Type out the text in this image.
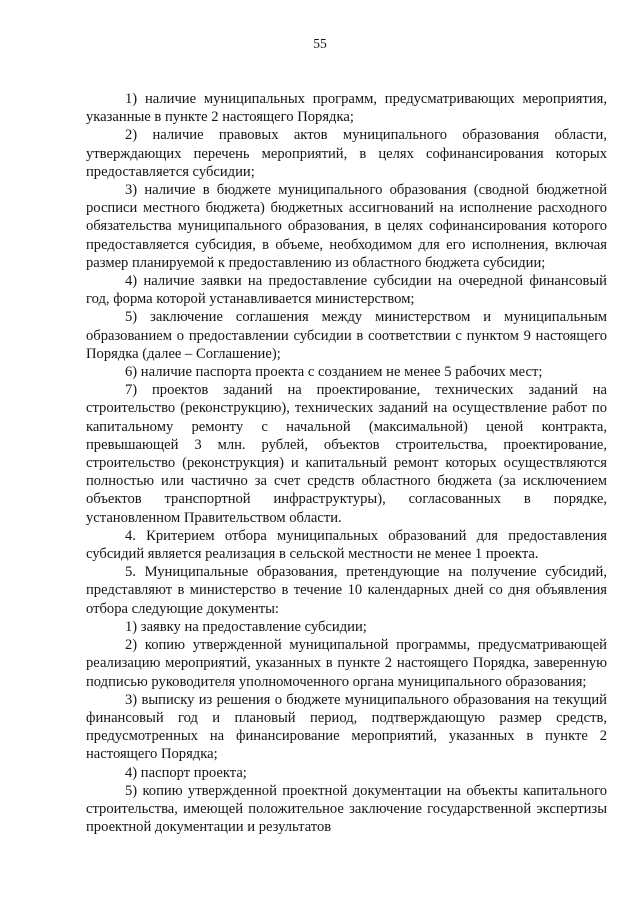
55

1) наличие муниципальных программ, предусматривающих мероприятия, указанные в пункте 2 настоящего Порядка;

2) наличие правовых актов муниципального образования области, утверждающих перечень мероприятий, в целях софинансирования которых предоставляется субсидии;

3) наличие в бюджете муниципального образования (сводной бюджетной росписи местного бюджета) бюджетных ассигнований на исполнение расходного обязательства муниципального образования, в целях софинансирования которого предоставляется субсидия, в объеме, необходимом для его исполнения, включая размер планируемой к предоставлению из областного бюджета субсидии;

4) наличие заявки на предоставление субсидии на очередной финансовый год, форма которой устанавливается министерством;

5) заключение соглашения между министерством и муниципальным образованием о предоставлении субсидии в соответствии с пунктом 9 настоящего Порядка (далее – Соглашение);

6) наличие паспорта проекта с созданием не менее 5 рабочих мест;

7) проектов заданий на проектирование, технических заданий на строительство (реконструкцию), технических заданий на осуществление работ по капитальному ремонту с начальной (максимальной) ценой контракта, превышающей 3 млн. рублей, объектов строительства, проектирование, строительство (реконструкция) и капитальный ремонт которых осуществляются полностью или частично за счет средств областного бюджета (за исключением объектов транспортной инфраструктуры), согласованных в порядке, установленном Правительством области.

4. Критерием отбора муниципальных образований для предоставления субсидий является реализация в сельской местности не менее 1 проекта.

5. Муниципальные образования, претендующие на получение субсидий, представляют в министерство в течение 10 календарных дней со дня объявления отбора следующие документы:

1) заявку на предоставление субсидии;

2) копию утвержденной муниципальной программы, предусматривающей реализацию мероприятий, указанных в пункте 2 настоящего Порядка, заверенную подписью руководителя уполномоченного органа муниципального образования;

3) выписку из решения о бюджете муниципального образования на текущий финансовый год и плановый период, подтверждающую размер средств, предусмотренных на финансирование мероприятий, указанных в пункте 2 настоящего Порядка;

4) паспорт проекта;

5) копию утвержденной проектной документации на объекты капитального строительства, имеющей положительное заключение государственной экспертизы проектной документации и результатов
